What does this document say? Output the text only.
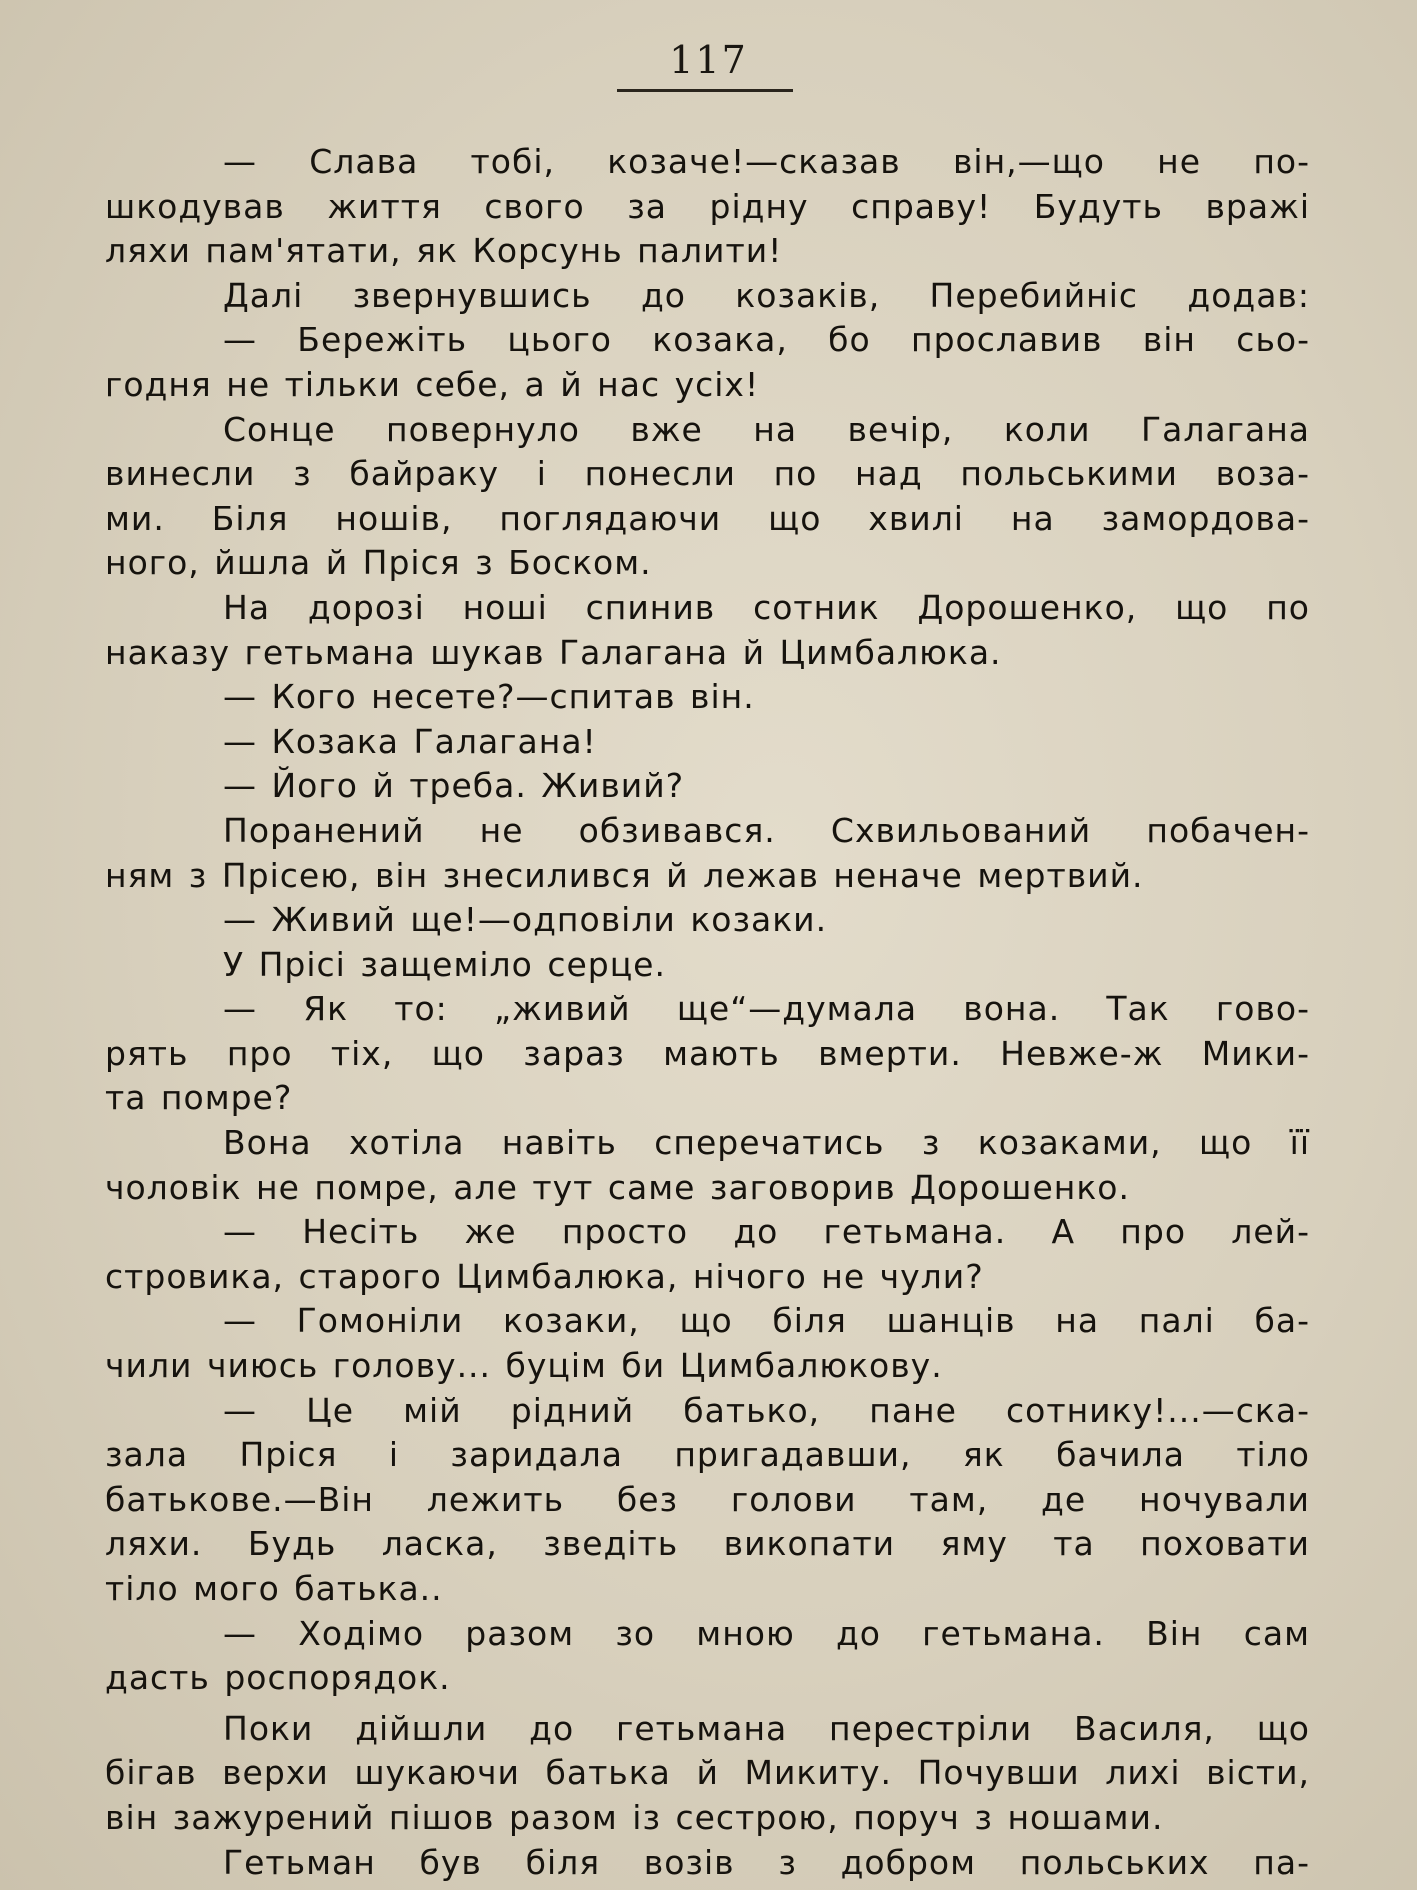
117
— Слава тобі, козаче!—сказав він,—що не по-
шкодував життя свого за рідну справу! Будуть вражі
ляхи пам'ятати, як Корсунь палити!
Далі звернувшись до козаків, Перебийніс додав:
— Бережіть цього козака, бо прославив він сьо-
годня не тільки себе, а й нас усіх!
Сонце повернуло вже на вечір, коли Галагана
винесли з байраку і понесли по над польськими воза-
ми. Біля ношів, поглядаючи що хвилі на замордова-
ного, йшла й Пріся з Боском.
На дорозі ноші спинив сотник Дорошенко, що по
наказу гетьмана шукав Галагана й Цимбалюка.
— Кого несете?—спитав він.
— Козака Галагана!
— Його й треба. Живий?
Поранений не обзивався. Схвильований побачен-
ням з Прісею, він знесилився й лежав неначе мертвий.
— Живий ще!—одповіли козаки.
У Прісі защеміло серце.
— Як то: „живий ще“—думала вона. Так гово-
рять про тіх, що зараз мають вмерти. Невже-ж Мики-
та помре?
Вона хотіла навіть сперечатись з козаками, що її
чоловік не помре, але тут саме заговорив Дорошенко.
— Несіть же просто до гетьмана. А про лей-
стровика, старого Цимбалюка, нічого не чули?
— Гомоніли козаки, що біля шанців на палі ба-
чили чиюсь голову... буцім би Цимбалюкову.
— Це мій рідний батько, пане сотнику!...—ска-
зала Пріся і заридала пригадавши, як бачила тіло
батькове.—Він лежить без голови там, де ночували
ляхи. Будь ласка, зведіть викопати яму та поховати
тіло мого батька..
— Ходімо разом зо мною до гетьмана. Він сам
дасть роспорядок.
Поки дійшли до гетьмана перестріли Василя, що
бігав верхи шукаючи батька й Микиту. Почувши лихі вісти,
він зажурений пішов разом із сестрою, поруч з ношами.
Гетьман був біля возів з добром польських па-
